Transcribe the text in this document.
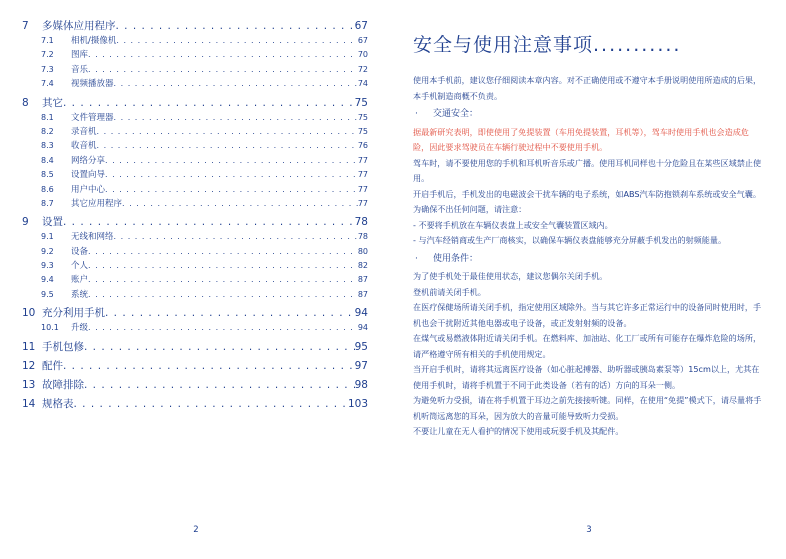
7	多媒体应用程序 . . .	67
7.1	相机/摄像机 . . .	67
7.2	图库 . . .	70
7.3	音乐 . . .	72
7.4	视频播放器 . . .	74
8	其它 . . .	75
8.1	文件管理器 . . .	75
8.2	录音机 . . .	75
8.3	收音机 . . .	76
8.4	网络分享 . . .	77
8.5	设置向导 . . .	77
8.6	用户中心 . . .	77
8.7	其它应用程序 . . .	77
9	设置 . . .	78
9.1	无线和网络 . . .	78
9.2	设备 . . .	80
9.3	个人 . . .	82
9.4	账户 . . .	87
9.5	系统 . . .	87
10 充分利用手机 . . .	94
10.1	升级 . . .	94
11 手机包修 . . .	95
12 配件 . . .	97
13 故障排除 . . .	98
14 规格表 . . .	103
2
安全与使用注意事项...........

使用本手机前，建议您仔细阅读本章内容。对不正确使用或不遵守本手册说明使用所造成的后果，本手机制造商概不负责。

· 交通安全：

据最新研究表明，即使使用了免提装置（车用免提装置，耳机等），驾车时使用手机也会造成危险，因此要求驾驶员在车辆行驶过程中不要使用手机。

驾车时，请不要使用您的手机和耳机听音乐或广播。使用耳机同样也十分危险且在某些区域禁止使用。

开启手机后，手机发出的电磁波会干扰车辆的电子系统，如ABS汽车防抱锁刹车系统或安全气囊。为确保不出任何问题，请注意：

- 不要将手机放在车辆仪表盘上或安全气囊装置区域内。

- 与汽车经销商或生产厂商核实，以确保车辆仪表盘能够充分屏蔽手机发出的射频能量。

· 使用条件：

为了使手机处于最佳使用状态，建议您偶尔关闭手机。

登机前请关闭手机。

在医疗保健场所请关闭手机，指定使用区域除外。当与其它许多正常运行中的设备同时使用时，手机也会干扰附近其他电器或电子设备，或正发射射频的设备。

在煤气或易燃液体附近请关闭手机。在燃料库、加油站、化工厂或所有可能存在爆炸危险的场所，请严格遵守所有相关的手机使用规定。

当开启手机时，请将其远离医疗设备（如心脏起搏器、助听器或胰岛素泵等）15cm以上，尤其在使用手机时，请将手机置于不同于此类设备（若有的话）方向的耳朵一侧。

为避免听力受损，请在将手机置于耳边之前先接接听键。同样，在使用“免提”模式下，请尽量将手机听筒远离您的耳朵，因为放大的音量可能导致听力受损。

不要让儿童在无人看护的情况下使用或玩耍手机及其配件。

3
